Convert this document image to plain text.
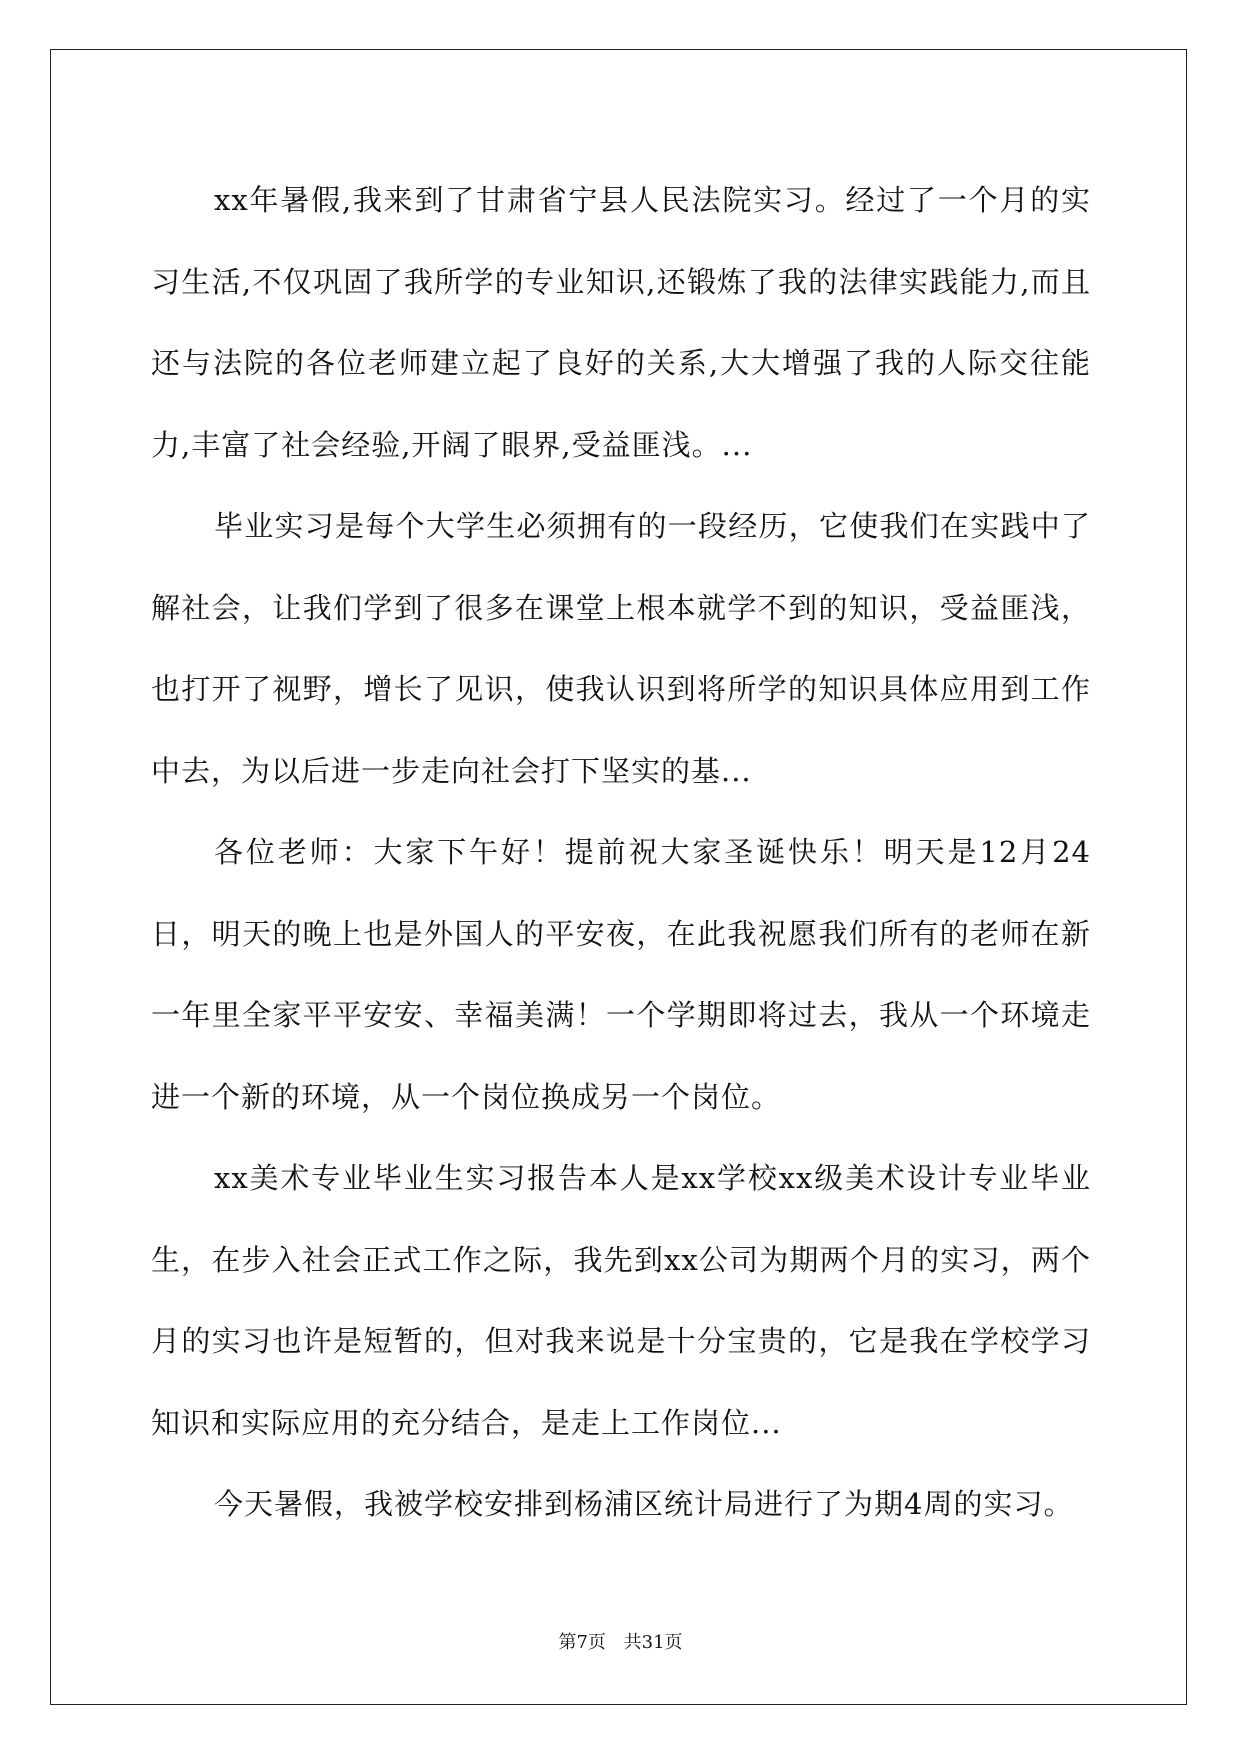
xx年暑假,我来到了甘肃省宁县人民法院实习。经过了一个月的实习生活,不仅巩固了我所学的专业知识,还锻炼了我的法律实践能力,而且还与法院的各位老师建立起了良好的关系,大大增强了我的人际交往能力,丰富了社会经验,开阔了眼界,受益匪浅。...

毕业实习是每个大学生必须拥有的一段经历，它使我们在实践中了解社会，让我们学到了很多在课堂上根本就学不到的知识，受益匪浅，也打开了视野，增长了见识，使我认识到将所学的知识具体应用到工作中去，为以后进一步走向社会打下坚实的基...

各位老师：大家下午好！提前祝大家圣诞快乐！明天是12月24日，明天的晚上也是外国人的平安夜，在此我祝愿我们所有的老师在新一年里全家平平安安、幸福美满！一个学期即将过去，我从一个环境走进一个新的环境，从一个岗位换成另一个岗位。

xx美术专业毕业生实习报告本人是xx学校xx级美术设计专业毕业生，在步入社会正式工作之际，我先到xx公司为期两个月的实习，两个月的实习也许是短暂的，但对我来说是十分宝贵的，它是我在学校学习知识和实际应用的充分结合，是走上工作岗位...

今天暑假，我被学校安排到杨浦区统计局进行了为期4周的实习。

第7页 共31页
